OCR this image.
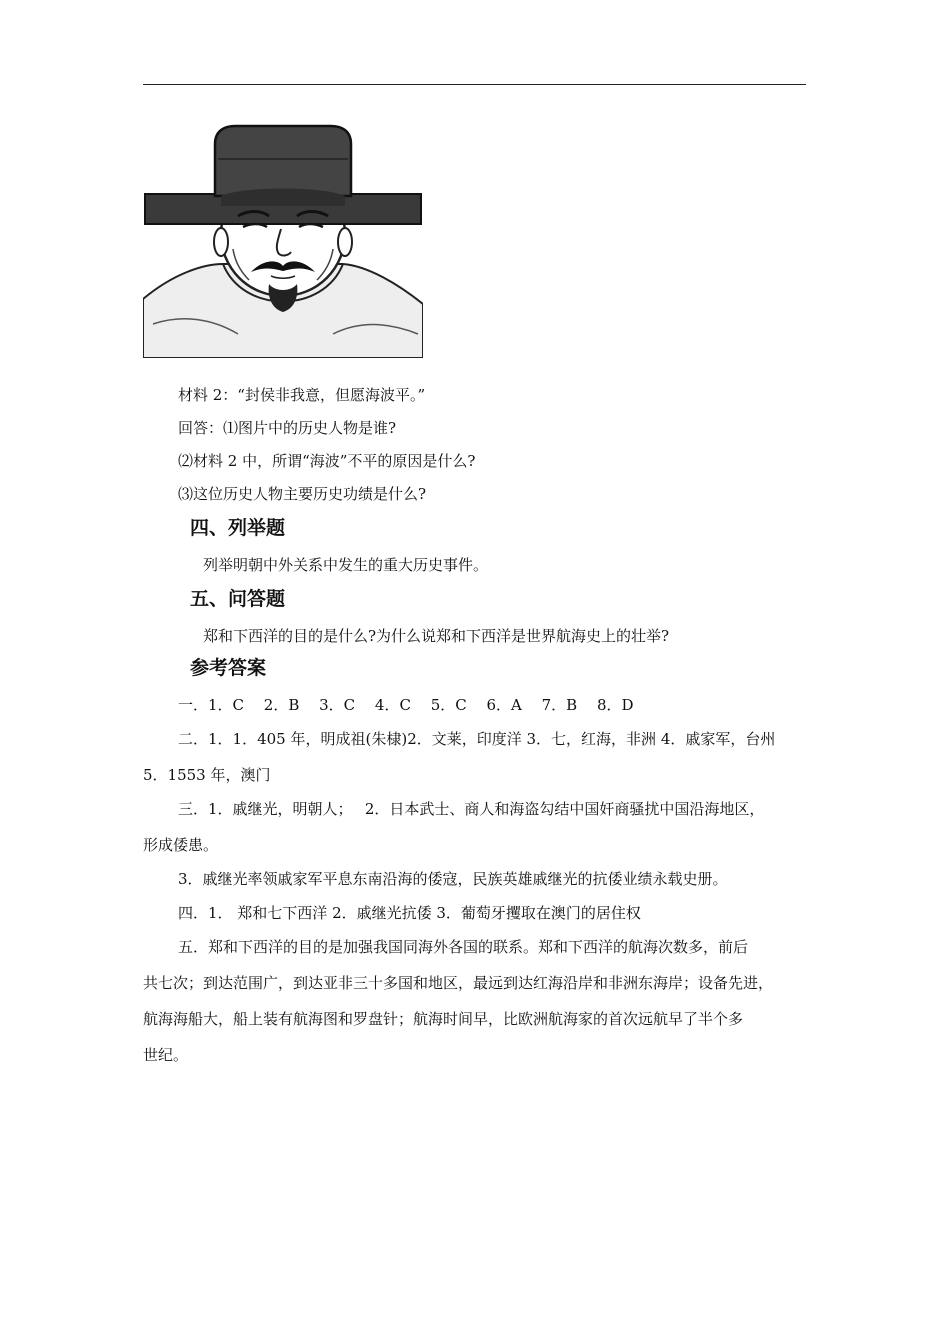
材料 2：“封侯非我意，但愿海波平。”
回答：⑴图片中的历史人物是谁?
⑵材料 2 中，所谓“海波”不平的原因是什么?
⑶这位历史人物主要历史功绩是什么?
四、列举题
列举明朝中外关系中发生的重大历史事件。
五、问答题
郑和下西洋的目的是什么?为什么说郑和下西洋是世界航海史上的壮举?
参考答案
一．1．C　 2．B　 3．C　 4．C　 5．C　 6．A　 7．B　 8．D
二．1．1．405 年，明成祖(朱棣)2．文莱，印度洋 3．七，红海，非洲 4．戚家军，台州
5．1553 年，澳门
三．1．戚继光，明朝人；　 2．日本武士、商人和海盗勾结中国奸商骚扰中国沿海地区，
形成倭患。
3．戚继光率领戚家军平息东南沿海的倭寇，民族英雄戚继光的抗倭业绩永载史册。
四．1． 郑和七下西洋 2．戚继光抗倭 3．葡萄牙攫取在澳门的居住权
五．郑和下西洋的目的是加强我国同海外各国的联系。郑和下西洋的航海次数多，前后
共七次；到达范围广，到达亚非三十多国和地区，最远到达红海沿岸和非洲东海岸；设备先进，
航海海船大，船上装有航海图和罗盘针；航海时间早，比欧洲航海家的首次远航早了半个多
世纪。
